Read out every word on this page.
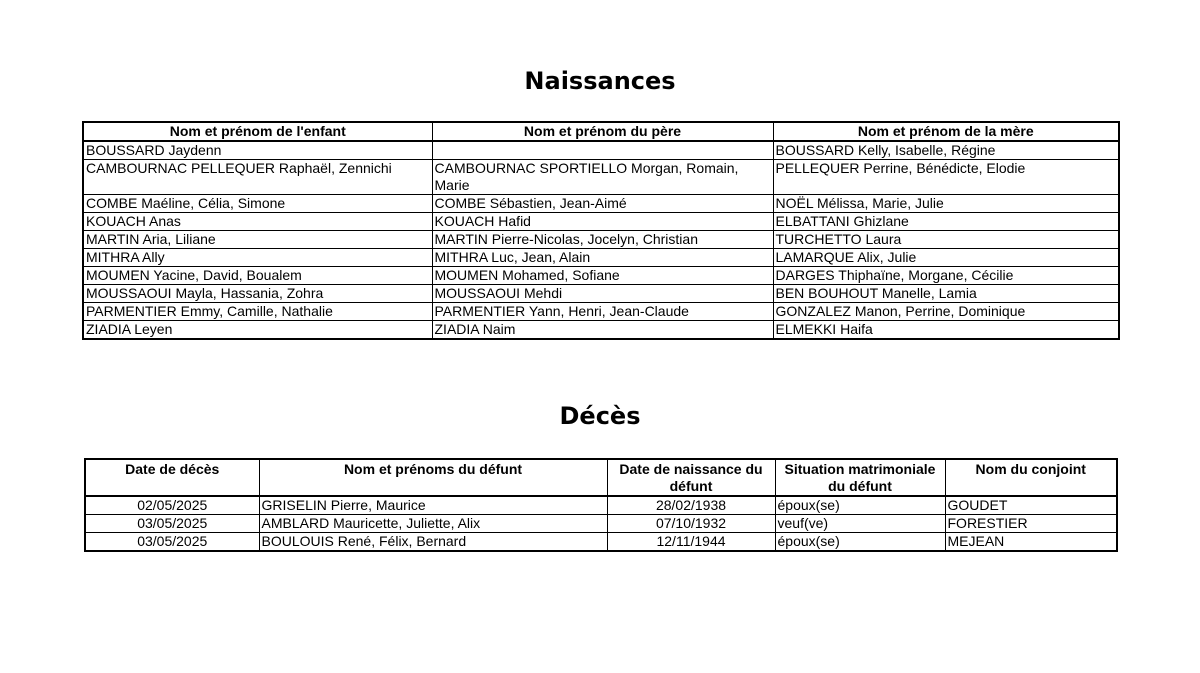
Naissances
Nom et prénom de l'enfant	Nom et prénom du père	Nom et prénom de la mère
BOUSSARD Jaydenn		BOUSSARD Kelly, Isabelle, Régine
CAMBOURNAC PELLEQUER Raphaël, Zennichi	CAMBOURNAC SPORTIELLO Morgan, Romain, Marie	PELLEQUER Perrine, Bénédicte, Elodie
COMBE Maéline, Célia, Simone	COMBE Sébastien, Jean-Aimé	NOËL Mélissa, Marie, Julie
KOUACH Anas	KOUACH Hafid	ELBATTANI Ghizlane
MARTIN Aria, Liliane	MARTIN Pierre-Nicolas, Jocelyn, Christian	TURCHETTO Laura
MITHRA Ally	MITHRA Luc, Jean, Alain	LAMARQUE Alix, Julie
MOUMEN Yacine, David, Boualem	MOUMEN Mohamed, Sofiane	DARGES Thiphaïne, Morgane, Cécilie
MOUSSAOUI Mayla, Hassania, Zohra	MOUSSAOUI Mehdi	BEN BOUHOUT Manelle, Lamia
PARMENTIER Emmy, Camille, Nathalie	PARMENTIER Yann, Henri, Jean-Claude	GONZALEZ Manon, Perrine, Dominique
ZIADIA Leyen	ZIADIA Naim	ELMEKKI Haifa
Décès
Date de décès	Nom et prénoms du défunt	Date de naissance du défunt	Situation matrimoniale du défunt	Nom du conjoint
02/05/2025	GRISELIN Pierre, Maurice	28/02/1938	époux(se)	GOUDET
03/05/2025	AMBLARD Mauricette, Juliette, Alix	07/10/1932	veuf(ve)	FORESTIER
03/05/2025	BOULOUIS René, Félix, Bernard	12/11/1944	époux(se)	MEJEAN
